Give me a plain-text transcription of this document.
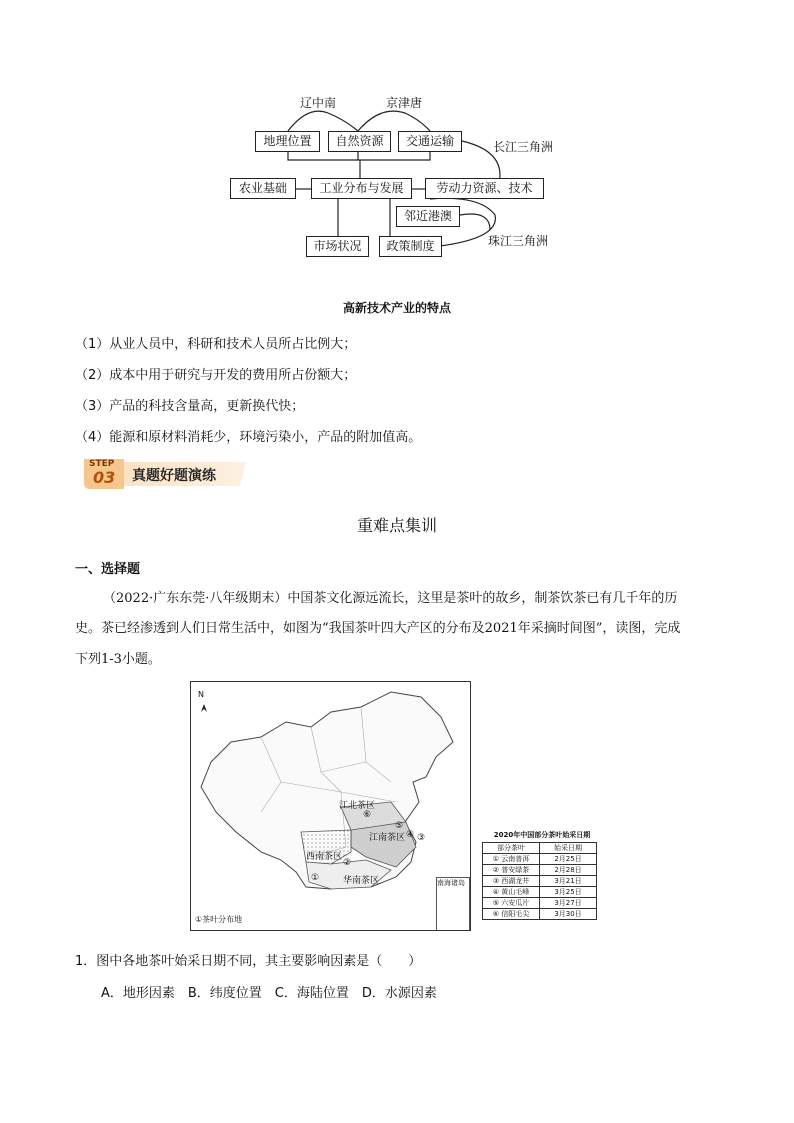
辽中南	京津唐
地理位置	自然资源	交通运输
农业基础	工业分布与发展	劳动力资源、技术
邻近港澳
市场状况	政策制度
长江三角洲
珠江三角洲
高新技术产业的特点
（1）从业人员中，科研和技术人员所占比例大；
（2）成本中用于研究与开发的费用所占份额大；
（3）产品的科技含量高，更新换代快；
（4）能源和原材料消耗少，环境污染小，产品的附加值高。
STEP
03 真题好题演练
重难点集训
一、选择题
（2022·广东东莞·八年级期末）中国茶文化源远流长，这里是茶叶的故乡，制茶饮茶已有几千年的历
史。茶已经渗透到人们日常生活中，如图为“我国茶叶四大产区的分布及2021年采摘时间图”，读图，完成
下列1-3小题。
N
江北茶区
江南茶区
西南茶区
华南茶区
①
②
③
④
⑤
⑥
南海诸岛
①茶叶分布地
2020年中国部分茶叶始采日期
部分茶叶	始采日期
① 云南普洱	2月25日
② 普安绿茶	2月28日
③ 西湖龙井	3月21日
④ 黄山毛峰	3月25日
⑤ 六安瓜片	3月27日
⑥ 信阳毛尖	3月30日
1．图中各地茶叶始采日期不同，其主要影响因素是（　　）
A．地形因素　B．纬度位置　C．海陆位置　D．水源因素
